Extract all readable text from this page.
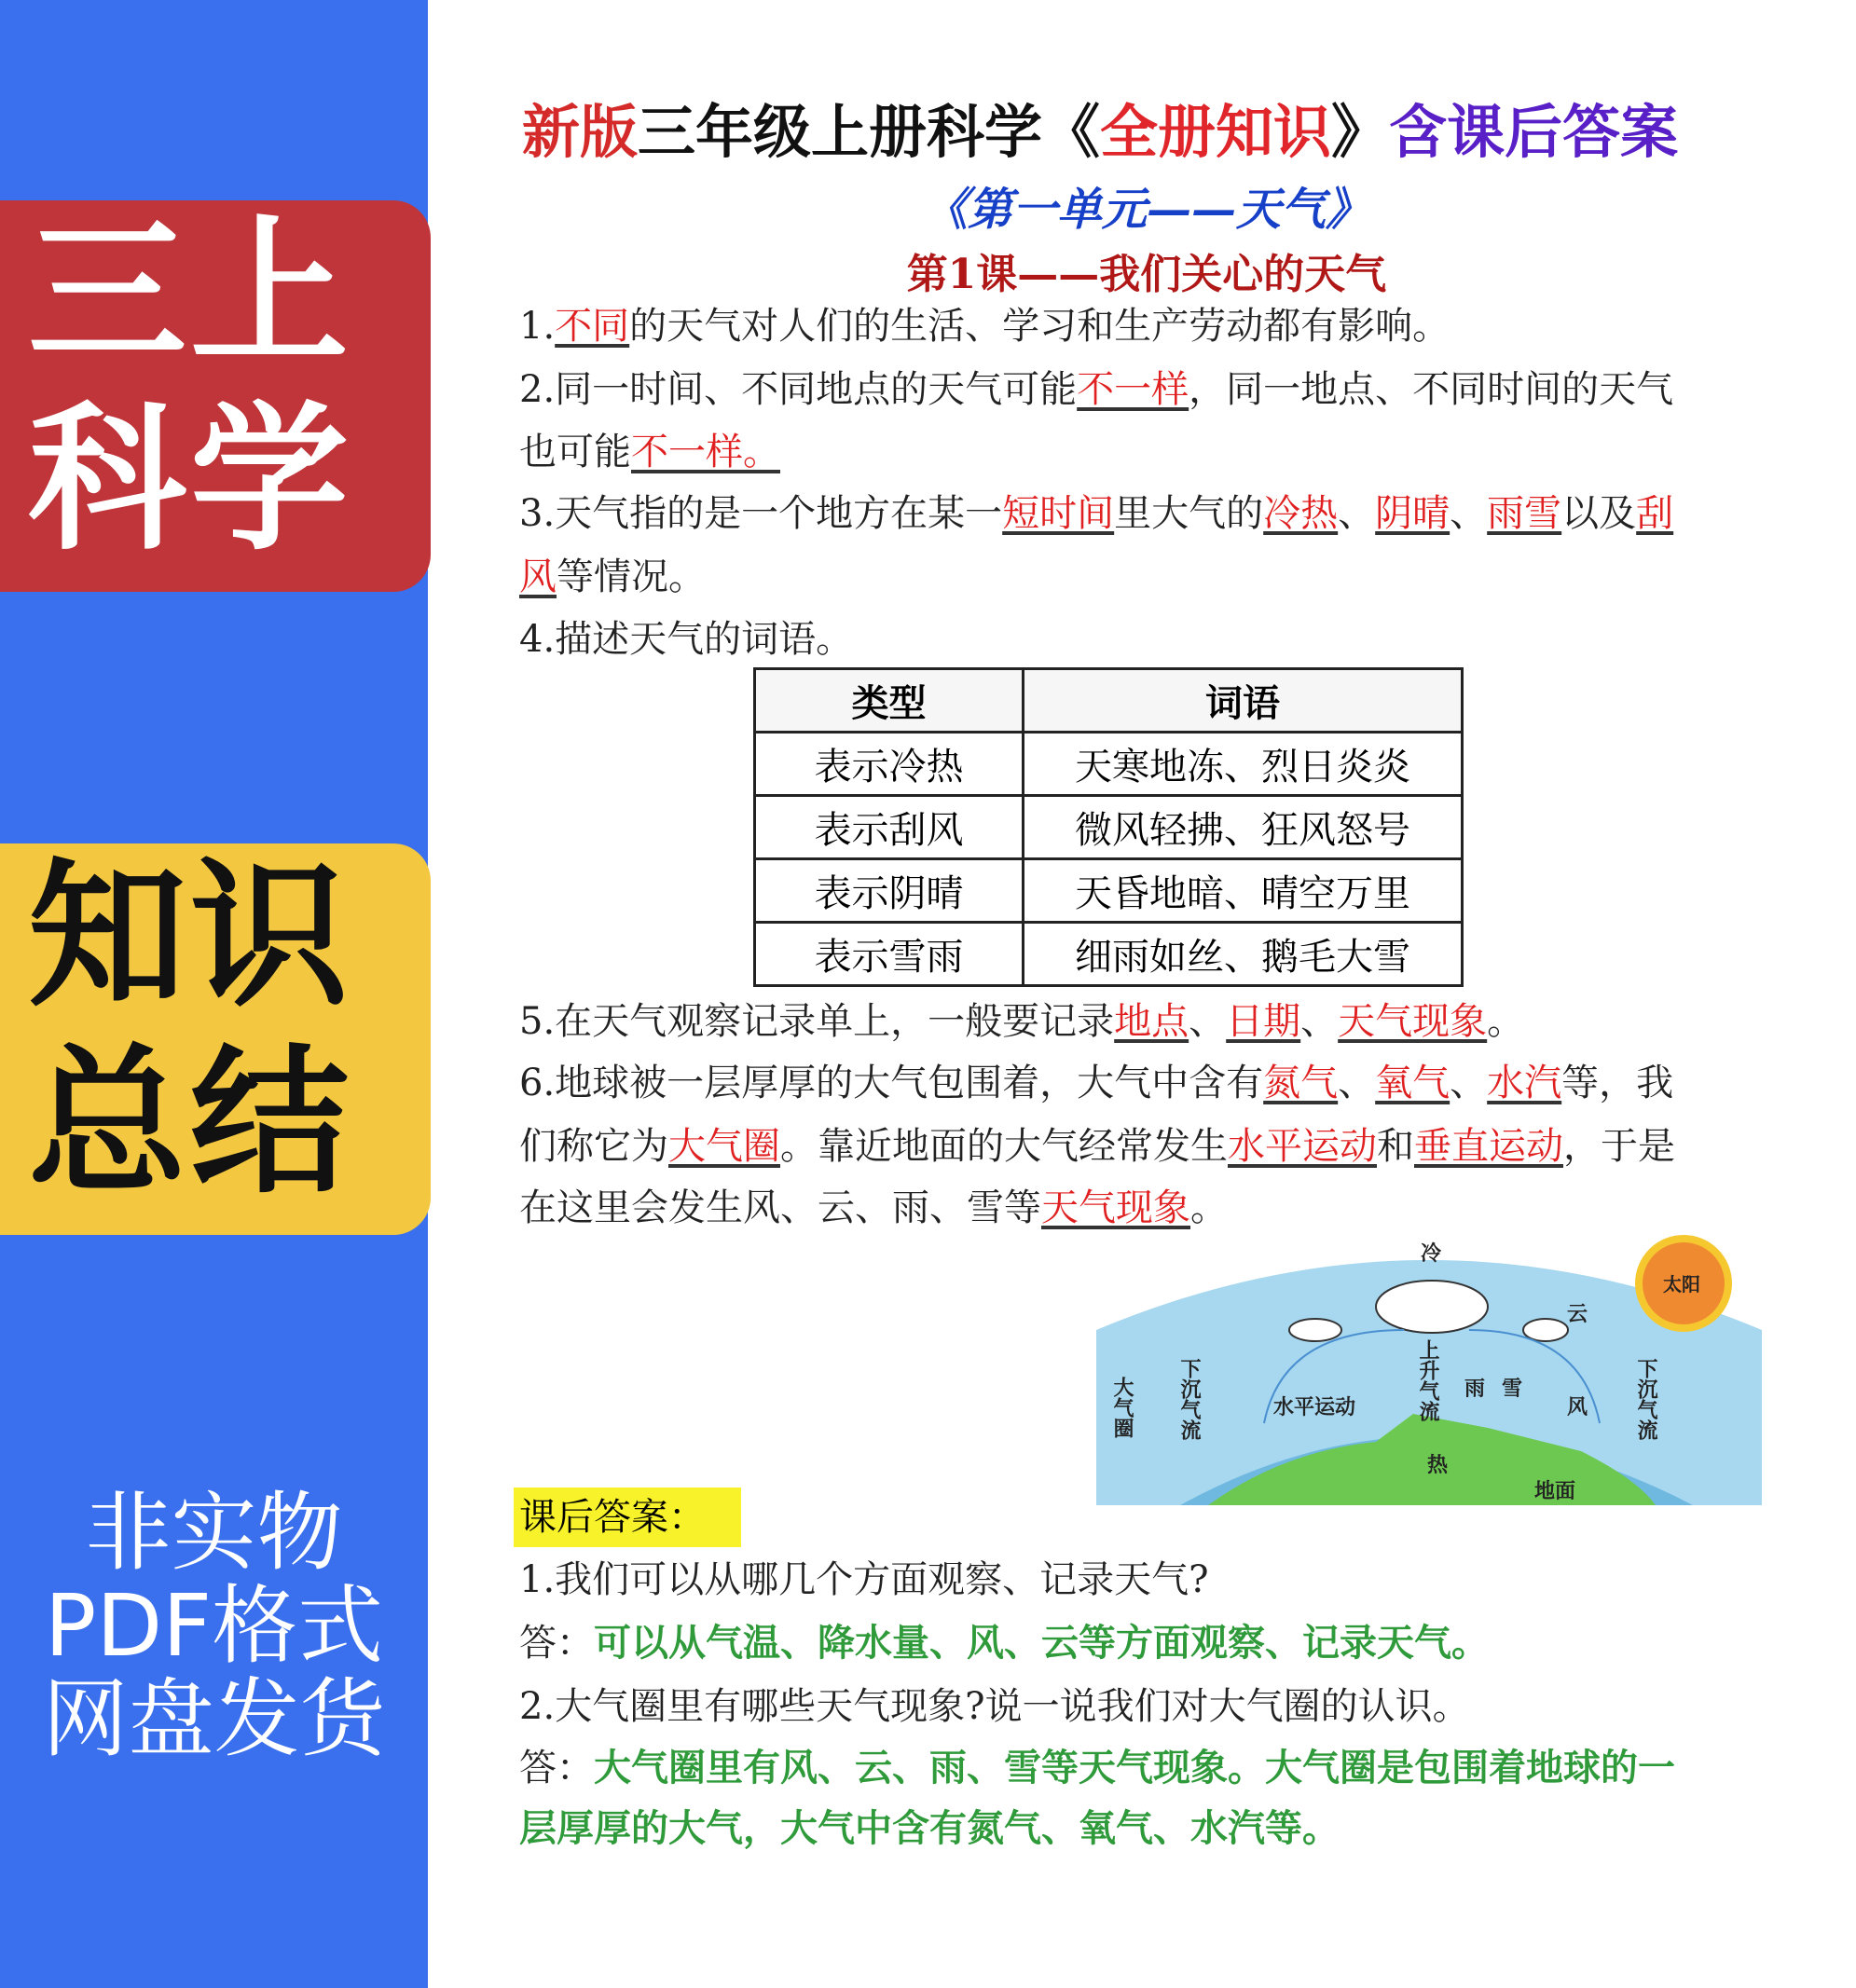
三上
科学
知识
总结
非实物
PDF格式
网盘发货
新版三年级上册科学《全册知识》含课后答案
《第一单元——天气》
第1课——我们关心的天气
1.不同的天气对人们的生活、学习和生产劳动都有影响。
2.同一时间、不同地点的天气可能不一样，同一地点、不同时间的天气
也可能不一样。
3.天气指的是一个地方在某一短时间里大气的冷热、阴晴、雨雪以及刮
风等情况。
4.描述天气的词语。
类型	词语
表示冷热	天寒地冻、烈日炎炎
表示刮风	微风轻拂、狂风怒号
表示阴晴	天昏地暗、晴空万里
表示雪雨	细雨如丝、鹅毛大雪
5.在天气观察记录单上，一般要记录地点、日期、天气现象。
6.地球被一层厚厚的大气包围着，大气中含有氮气、氧气、水汽等，我
们称它为大气圈。靠近地面的大气经常发生水平运动和垂直运动，于是
在这里会发生风、云、雨、雪等天气现象。
冷
太阳
云
下沉气流
大气圈	水平运动	上升气流 雨 雪
风 下沉气流
热
地面
课后答案：
1.我们可以从哪几个方面观察、记录天气?
答：可以从气温、降水量、风、云等方面观察、记录天气。
2.大气圈里有哪些天气现象?说一说我们对大气圈的认识。
答：大气圈里有风、云、雨、雪等天气现象。大气圈是包围着地球的一
层厚厚的大气，大气中含有氮气、氧气、水汽等。
